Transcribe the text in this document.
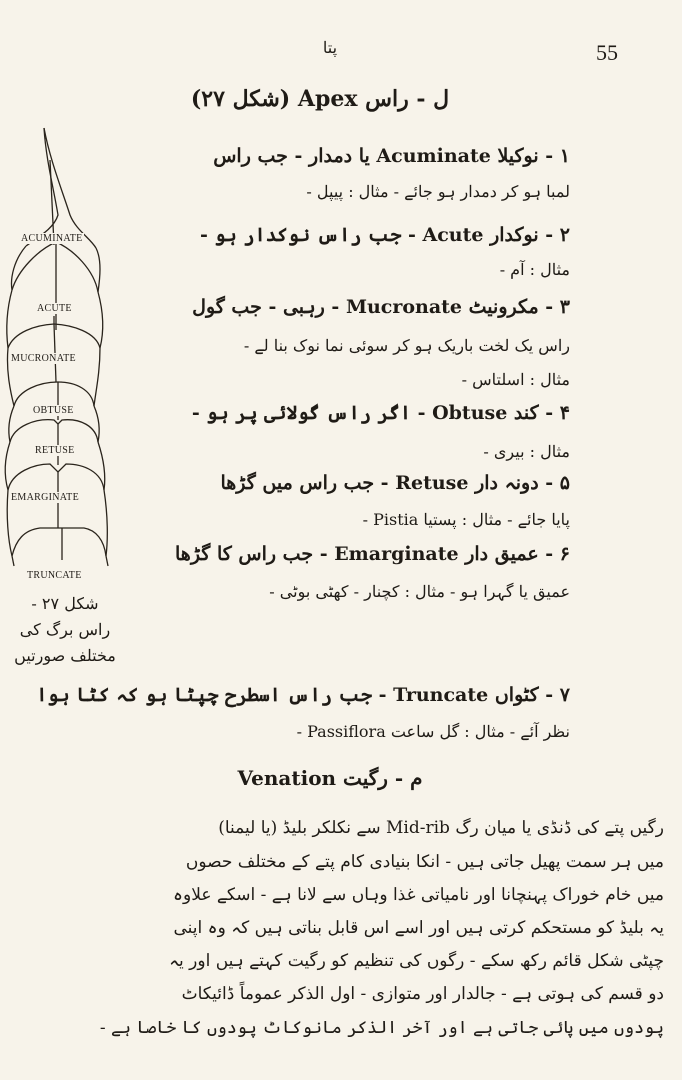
55
پتا
ل - راس Apex (شکل ۲۷)
۱ - نوکیلا Acuminate یا دمدار - جب راس
لمبا ہو کر دمدار ہو جائے - مثال : پیپل -
۲ - نوکدار Acute - جب راس نوکدار ہو -
مثال : آم -
۳ - مکرونیٹ Mucronate - رہبی - جب گول
راس یک لخت باریک ہو کر سوئی نما نوک بنا لے -
مثال : اسلتاس -
۴ - کند Obtuse - اگر راس گولائی پر ہو -
مثال : بیری -
۵ - دونہ دار Retuse - جب راس میں گڑھا
پایا جائے - مثال : پستیا Pistia -
۶ - عمیق دار Emarginate - جب راس کا گڑھا
عمیق یا گہرا ہو - مثال : کچنار - کھٹی بوٹی -
۷ - کٹواں Truncate - جب راس اسطرح چپٹا ہو کہ کٹا ہوا
نظر آئے - مثال : گل ساعت Passiflora -
م - رگیت Venation
رگیں پتے کی ڈنڈی یا میان رگ Mid-rib سے نکلکر بلیڈ (یا لیمنا)
میں ہر سمت پھیل جاتی ہیں - انکا بنیادی کام پتے کے مختلف حصوں
میں خام خوراک پہنچانا اور نامیاتی غذا وہاں سے لانا ہے - اسکے علاوہ
یہ بلیڈ کو مستحکم کرتی ہیں اور اسے اس قابل بناتی ہیں کہ وہ اپنی
چپٹی شکل قائم رکھ سکے - رگوں کی تنظیم کو رگیت کہتے ہیں اور یہ
دو قسم کی ہوتی ہے - جالدار اور متوازی - اول الذکر عموماً ڈائیکاٹ
پودوں میں پائی جاتی ہے اور آخر الذکر مانوکاٹ پودوں کا خاصا ہے -
ACUMINATE
ACUTE
MUCRONATE
OBTUSE
RETUSE
EMARGINATE
TRUNCATE
شکل ۲۷ -
راس برگ کی
مختلف صورتیں
